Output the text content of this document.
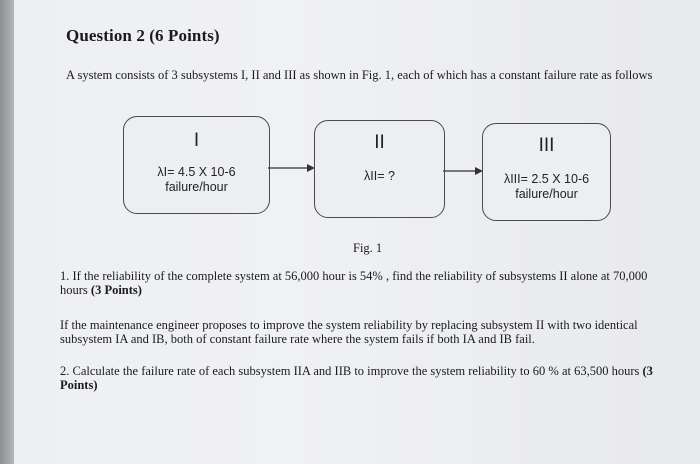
Question 2 (6 Points)
A system consists of 3 subsystems I, II and III as shown in Fig. 1, each of which has a constant failure rate as follows
I
λI= 4.5 X 10-6
failure/hour
II
λII= ?
III
λIII= 2.5 X 10-6
failure/hour
Fig. 1
1. If the reliability of the complete system at 56,000 hour is 54% , find the reliability of subsystems II alone at 70,000 hours (3 Points)
If the maintenance engineer proposes to improve the system reliability by replacing subsystem II with two identical subsystem IA and IB, both of constant failure rate where the system fails if both IA and IB fail.
2. Calculate the failure rate of each subsystem IIA and IIB to improve the system reliability to 60 % at 63,500 hours (3 Points)
